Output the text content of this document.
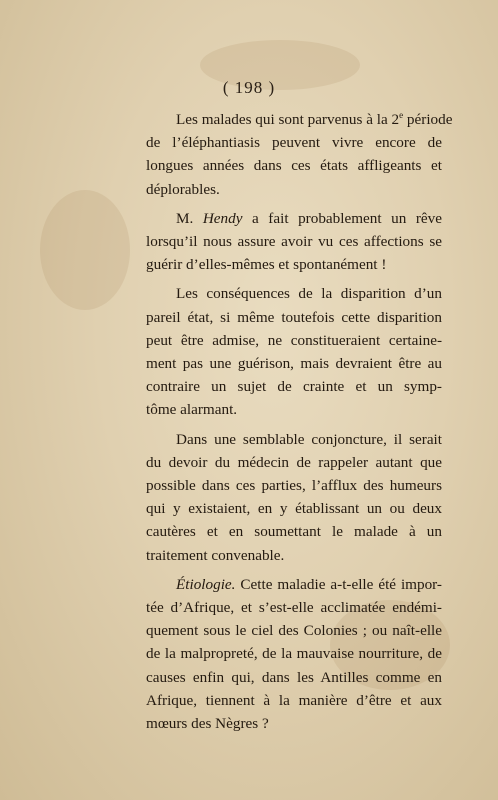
( 198 )
Les malades qui sont parvenus à la 2e période
de l’éléphantiasis peuvent vivre encore de
longues années dans ces états affligeants et
déplorables.
M. Hendy a fait probablement un rêve
lorsqu’il nous assure avoir vu ces affections se
guérir d’elles-mêmes et spontanément !
Les conséquences de la disparition d’un
pareil état, si même toutefois cette disparition
peut être admise, ne constitueraient certaine-
ment pas une guérison, mais devraient être au
contraire un sujet de crainte et un symp-
tôme alarmant.
Dans une semblable conjoncture, il serait
du devoir du médecin de rappeler autant que
possible dans ces parties, l’afflux des humeurs
qui y existaient, en y établissant un ou deux
cautères et en soumettant le malade à un
traitement convenable.
Étiologie. Cette maladie a-t-elle été impor-
tée d’Afrique, et s’est-elle acclimatée endémi-
quement sous le ciel des Colonies ; ou naît-elle
de la malpropreté, de la mauvaise nourriture, de
causes enfin qui, dans les Antilles comme en
Afrique, tiennent à la manière d’être et aux
mœurs des Nègres ?
